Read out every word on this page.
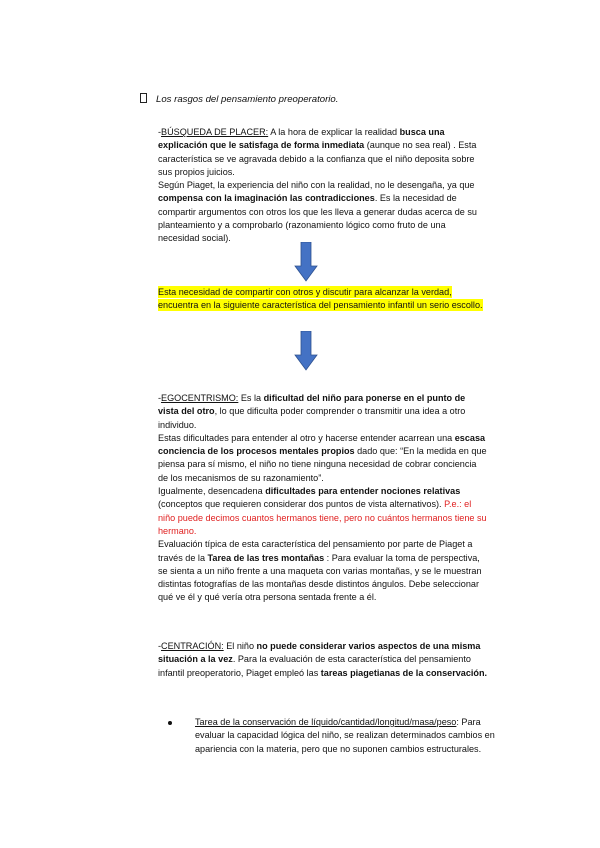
Los rasgos del pensamiento preoperatorio.

-BÚSQUEDA DE PLACER: A la hora de explicar la realidad busca una explicación que le satisfaga de forma inmediata (aunque no sea real) . Esta característica se ve agravada debido a la confianza que el niño deposita sobre sus propios juicios.

Según Piaget, la experiencia del niño con la realidad, no le desengaña, ya que compensa con la imaginación las contradicciones. Es la necesidad de compartir argumentos con otros los que les lleva a generar dudas acerca de su planteamiento y a comprobarlo (razonamiento lógico como fruto de una necesidad social).

Esta necesidad de compartir con otros y discutir para alcanzar la verdad, encuentra en la siguiente característica del pensamiento infantil un serio escollo.

-EGOCENTRISMO: Es la dificultad del niño para ponerse en el punto de vista del otro, lo que dificulta poder comprender o transmitir una idea a otro individuo.

Estas dificultades para entender al otro y hacerse entender acarrean una escasa conciencia de los procesos mentales propios dado que: “En la medida en que piensa para sí mismo, el niño no tiene ninguna necesidad de cobrar conciencia de los mecanismos de su razonamiento”.

Igualmente, desencadena dificultades para entender nociones relativas (conceptos que requieren considerar dos puntos de vista alternativos). P.e.: el niño puede decimos cuantos hermanos tiene, pero no cuántos hermanos tiene su hermano.

Evaluación típica de esta característica del pensamiento por parte de Piaget a través de la Tarea de las tres montañas : Para evaluar la toma de perspectiva, se sienta a un niño frente a una maqueta con varias montañas, y se le muestran distintas fotografías de las montañas desde distintos ángulos. Debe seleccionar qué ve él y qué vería otra persona sentada frente a él.

-CENTRACIÓN: El niño no puede considerar varios aspectos de una misma situación a la vez. Para la evaluación de esta característica del pensamiento infantil preoperatorio, Piaget empleó las tareas piagetianas de la conservación.

Tarea de la conservación de líquido/cantidad/longitud/masa/peso: Para evaluar la capacidad lógica del niño, se realizan determinados cambios en apariencia con la materia, pero que no suponen cambios estructurales.
